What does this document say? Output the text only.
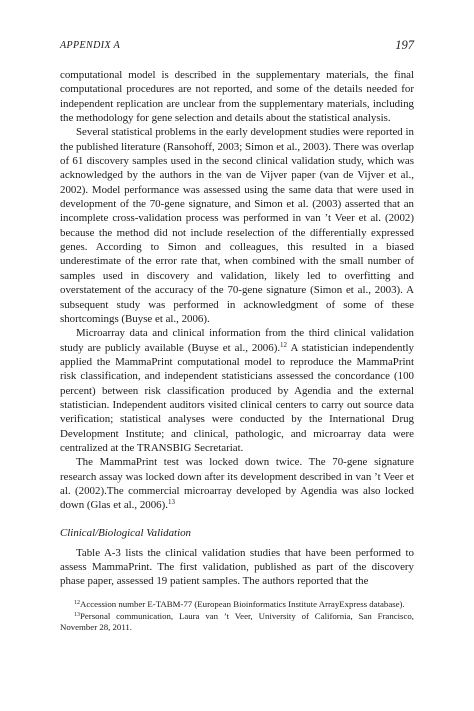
APPENDIX A	197

computational model is described in the supplementary materials, the final computational procedures are not reported, and some of the details needed for independent replication are unclear from the supplementary materials, including the methodology for gene selection and details about the statistical analysis.

Several statistical problems in the early development studies were reported in the published literature (Ransohoff, 2003; Simon et al., 2003). There was overlap of 61 discovery samples used in the second clinical validation study, which was acknowledged by the authors in the van de Vijver paper (van de Vijver et al., 2002). Model performance was assessed using the same data that were used in development of the 70-gene signature, and Simon et al. (2003) asserted that an incomplete cross-validation process was performed in van ’t Veer et al. (2002) because the method did not include reselection of the differentially expressed genes. According to Simon and colleagues, this resulted in a biased underestimate of the error rate that, when combined with the small number of samples used in discovery and validation, likely led to overfitting and overstatement of the accuracy of the 70-gene signature (Simon et al., 2003). A subsequent study was performed in acknowledgment of some of these shortcomings (Buyse et al., 2006).

Microarray data and clinical information from the third clinical validation study are publicly available (Buyse et al., 2006).$^{12}$ A statistician independently applied the MammaPrint computational model to reproduce the MammaPrint risk classification, and independent statisticians assessed the concordance (100 percent) between risk classification produced by Agendia and the external statistician. Independent auditors visited clinical centers to carry out source data verification; statistical analyses were conducted by the International Drug Development Institute; and clinical, pathologic, and microarray data were centralized at the TRANSBIG Secretariat.

The MammaPrint test was locked down twice. The 70-gene signature research assay was locked down after its development described in van ’t Veer et al. (2002).The commercial microarray developed by Agendia was also locked down (Glas et al., 2006).$^{13}$

Clinical/Biological Validation

Table A-3 lists the clinical validation studies that have been performed to assess MammaPrint. The first validation, published as part of the discovery phase paper, assessed 19 patient samples. The authors reported that the

$^{12}$Accession number E-TABM-77 (European Bioinformatics Institute ArrayExpress database).

$^{13}$Personal communication, Laura van ’t Veer, University of California, San Francisco, November 28, 2011.
